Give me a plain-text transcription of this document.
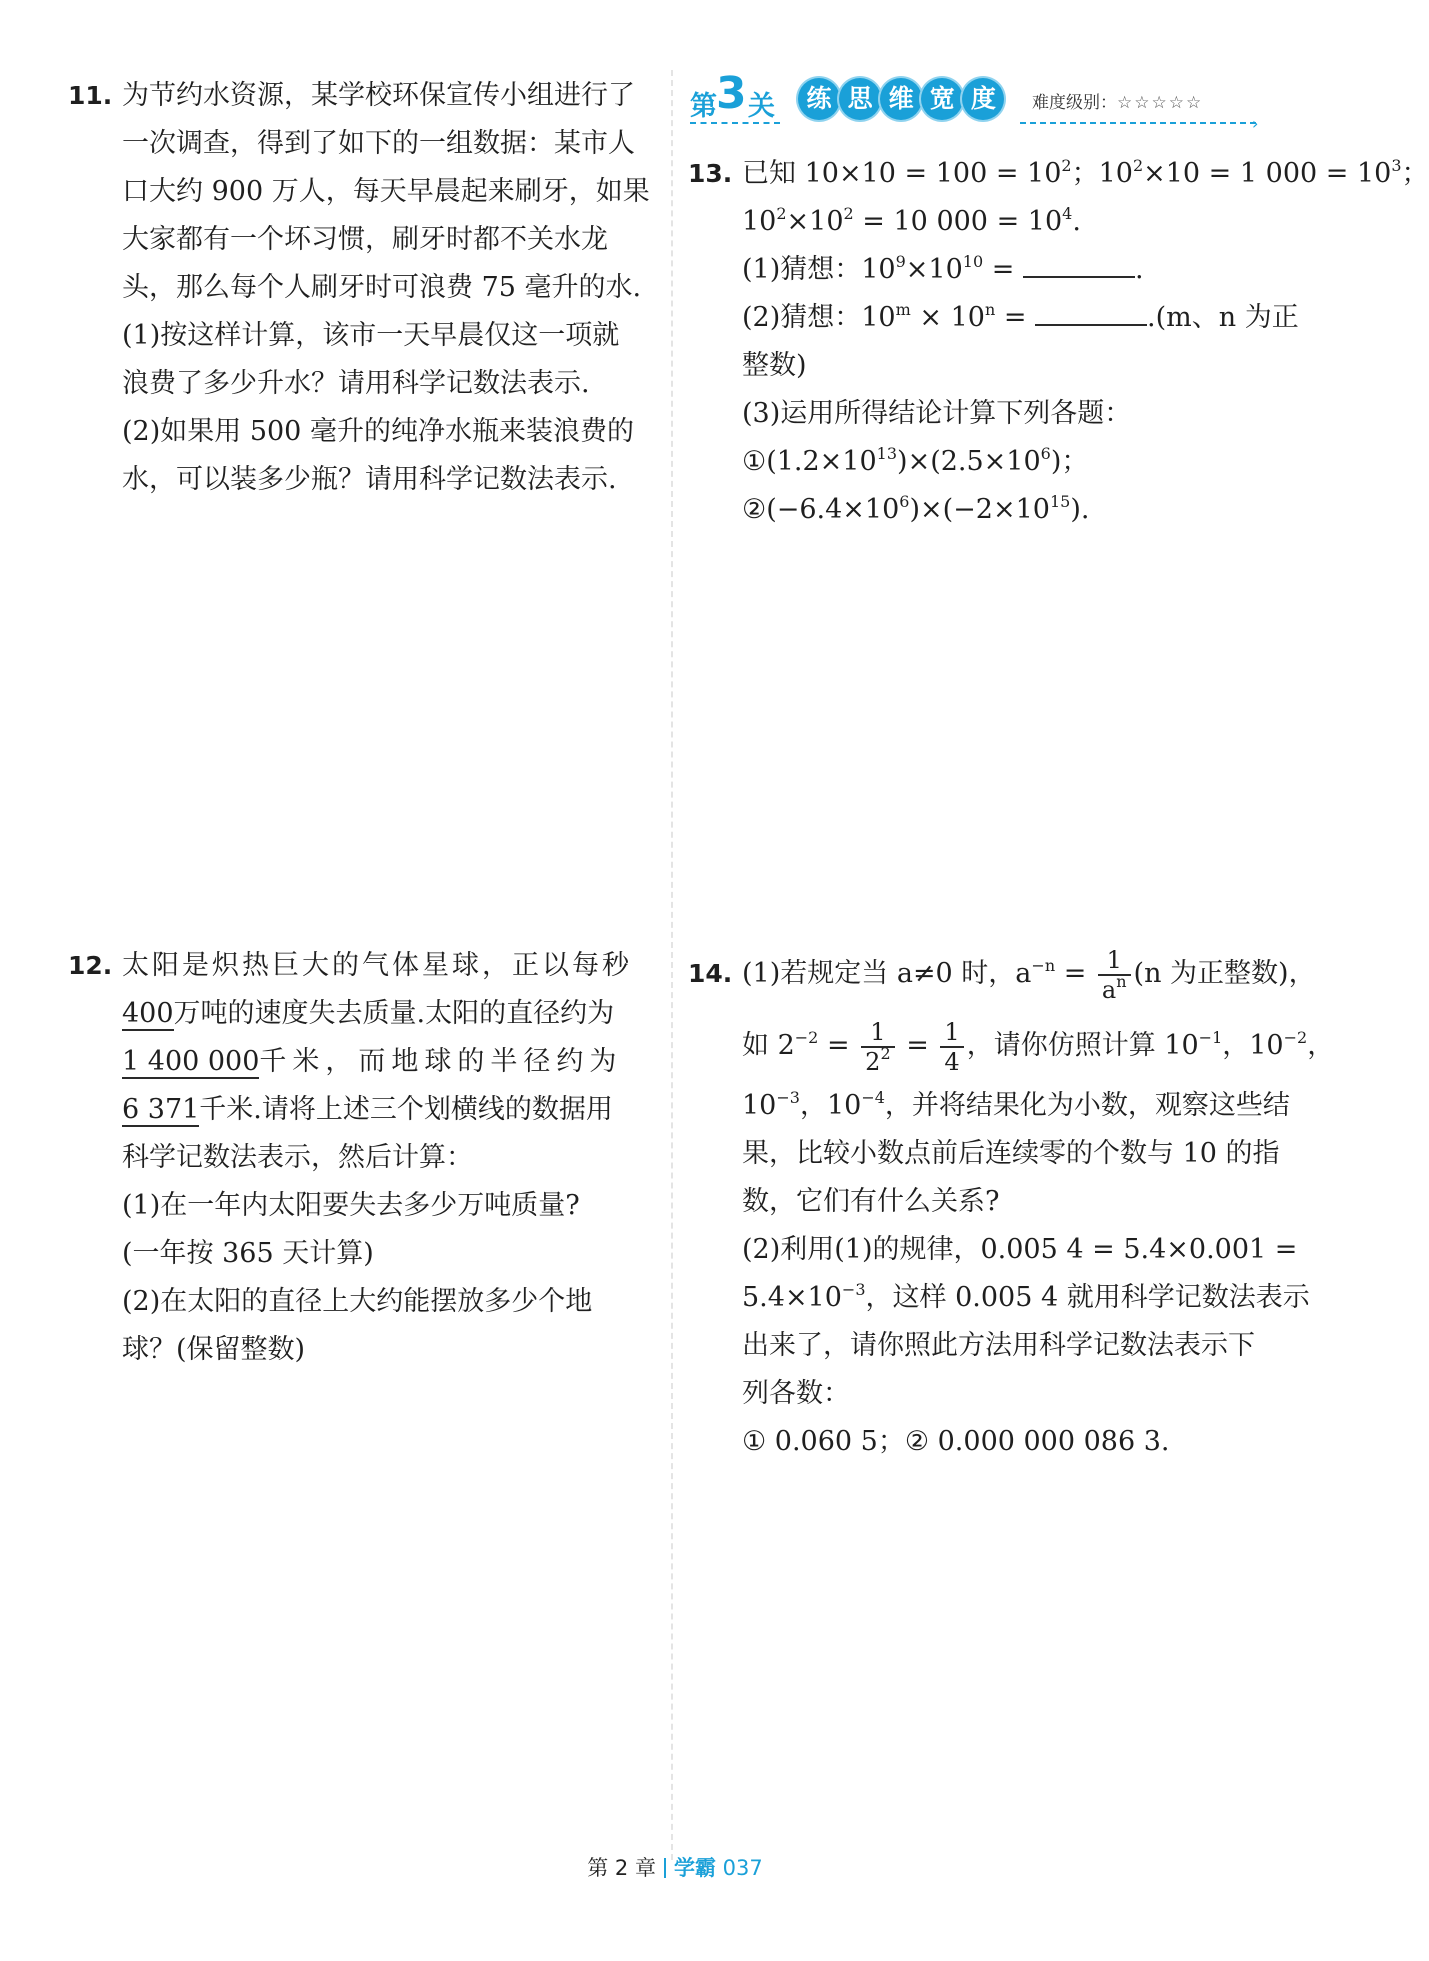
第 3 关	练 思 维 宽 度 难度级别：☆☆☆☆☆
›

11. 为节约水资源，某学校环保宣传小组进行了

一次调查，得到了如下的一组数据：某市人

口大约 900 万人，每天早晨起来刷牙，如果

大家都有一个坏习惯，刷牙时都不关水龙

头，那么每个人刷牙时可浪费 75 毫升的水.

(1)按这样计算，该市一天早晨仅这一项就

浪费了多少升水？请用科学记数法表示.

(2)如果用 500 毫升的纯净水瓶来装浪费的

水，可以装多少瓶？请用科学记数法表示.

12. 太阳是炽热巨大的气体星球，正以每秒

400万吨的速度失去质量.太阳的直径约为

1 400 000千米，而地球的半径约为

6 371千米.请将上述三个划横线的数据用

科学记数法表示，然后计算：

(1)在一年内太阳要失去多少万吨质量?

(一年按 365 天计算)

(2)在太阳的直径上大约能摆放多少个地

球？(保留整数)

13. 已知 $10\times 10 = 100 = 10^2$；$10^2\times 10 = 1$ $000 = 10^3$；

$10^2\times 10^2 = 10$ $000 = 10^4$.

(1)猜想：$10^9\times 10^{10}$ =	.

(2)猜想：$10^m \times 10^n$ =	.(m、n 为正

整数)

(3)运用所得结论计算下列各题：

$①(1.2\times 10^{13})\times(2.5\times 10^6)$；

$②(-6.4\times 10^6)\times(-2\times 10^{15})$.

14. (1)若规定当 a≠0 时，$a^{-n} = \frac{1}{a^n} (n$ 为正整数)，

如 $2^{-2} = \frac{1}{2^2} = \frac{1}{4}$ ，请你仿照计算 $10^{-1}$，$10^{-2}$，

$10^{-3}$，$10^{-4}$，并将结果化为小数，观察这些结

果，比较小数点前后连续零的个数与 10 的指

数，它们有什么关系?

(2)利用(1)的规律，0.005 4 = 5.4×0.001 =

$5.4\times 10^{-3}$，这样 0.005 4 就用科学记数法表示

出来了，请你照此方法用科学记数法表示下

列各数：

① 0.060 5；② 0.000 000 086 3.

第 2 章 学霸 037
